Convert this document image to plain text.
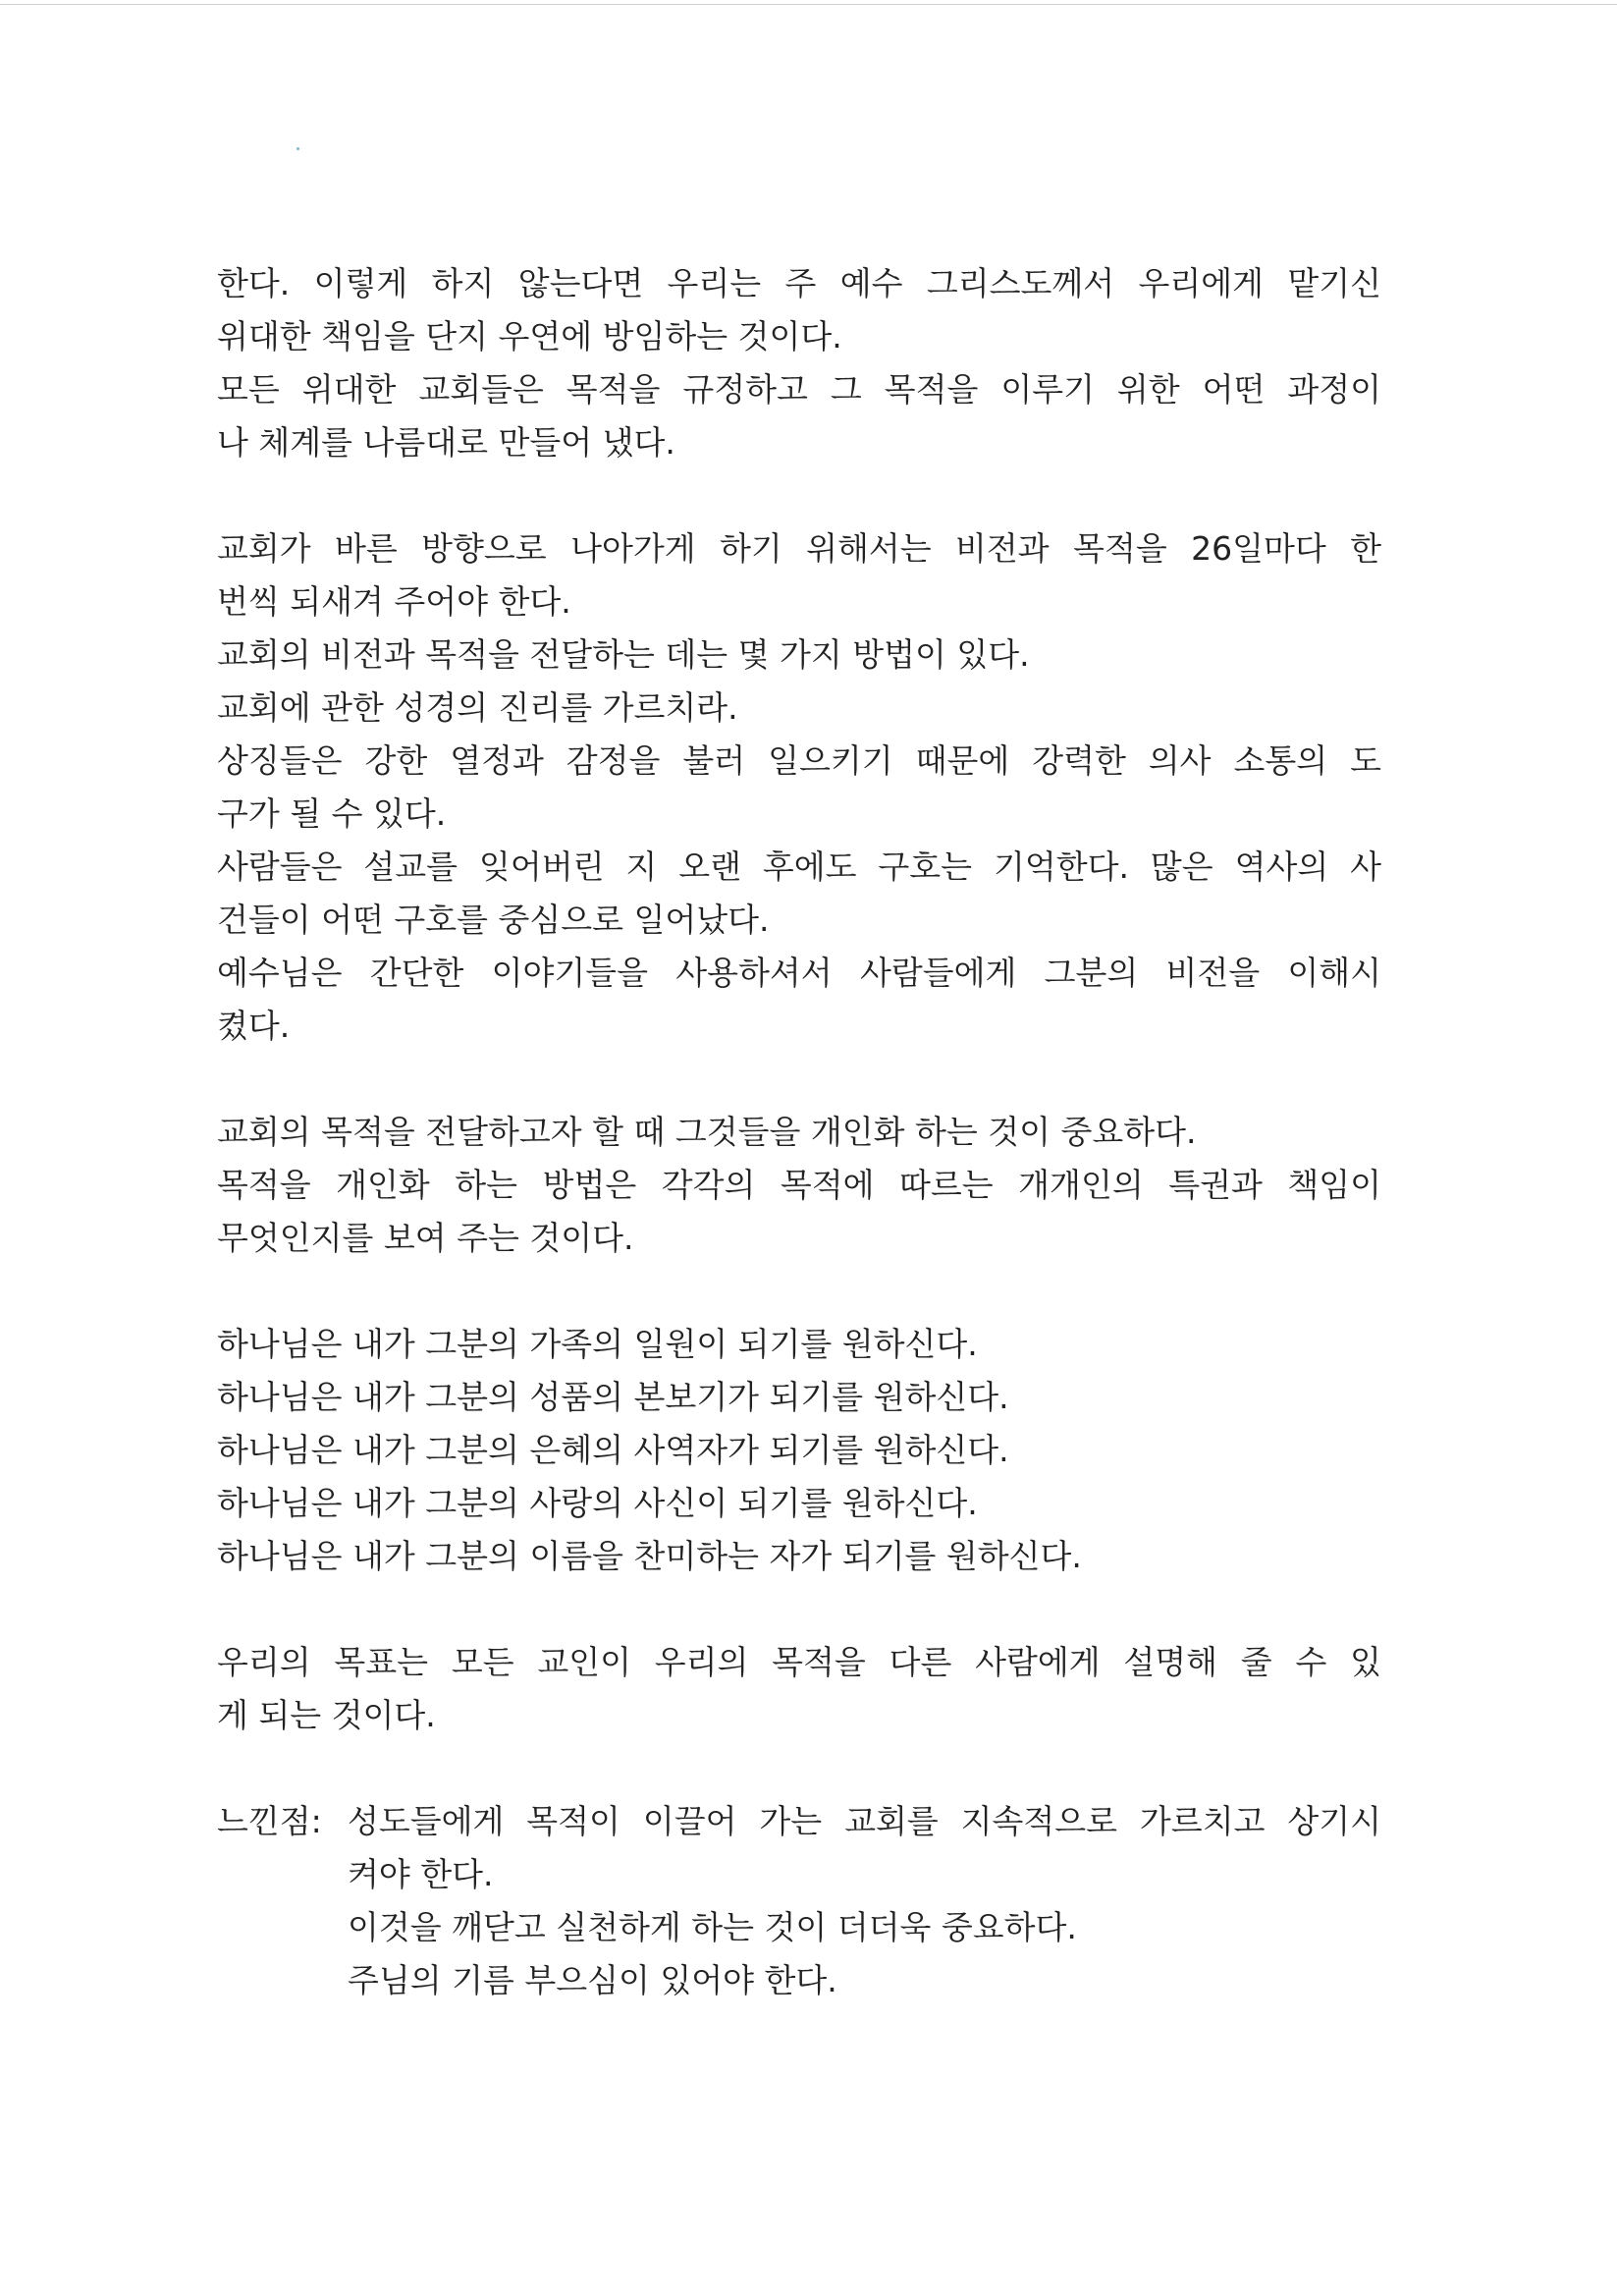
한다. 이렇게 하지 않는다면 우리는 주 예수 그리스도께서 우리에게 맡기신
위대한 책임을 단지 우연에 방임하는 것이다.
모든 위대한 교회들은 목적을 규정하고 그 목적을 이루기 위한 어떤 과정이
나 체계를 나름대로 만들어 냈다.
교회가 바른 방향으로 나아가게 하기 위해서는 비전과 목적을 26일마다 한
번씩 되새겨 주어야 한다.
교회의 비전과 목적을 전달하는 데는 몇 가지 방법이 있다.
교회에 관한 성경의 진리를 가르치라.
상징들은 강한 열정과 감정을 불러 일으키기 때문에 강력한 의사 소통의 도
구가 될 수 있다.
사람들은 설교를 잊어버린 지 오랜 후에도 구호는 기억한다. 많은 역사의 사
건들이 어떤 구호를 중심으로 일어났다.
예수님은 간단한 이야기들을 사용하셔서 사람들에게 그분의 비전을 이해시
켰다.
교회의 목적을 전달하고자 할 때 그것들을 개인화 하는 것이 중요하다.
목적을 개인화 하는 방법은 각각의 목적에 따르는 개개인의 특권과 책임이
무엇인지를 보여 주는 것이다.
하나님은 내가 그분의 가족의 일원이 되기를 원하신다.
하나님은 내가 그분의 성품의 본보기가 되기를 원하신다.
하나님은 내가 그분의 은혜의 사역자가 되기를 원하신다.
하나님은 내가 그분의 사랑의 사신이 되기를 원하신다.
하나님은 내가 그분의 이름을 찬미하는 자가 되기를 원하신다.
우리의 목표는 모든 교인이 우리의 목적을 다른 사람에게 설명해 줄 수 있
게 되는 것이다.
느낀점: 성도들에게 목적이 이끌어 가는 교회를 지속적으로 가르치고 상기시
켜야 한다.
이것을 깨닫고 실천하게 하는 것이 더더욱 중요하다.
주님의 기름 부으심이 있어야 한다.
